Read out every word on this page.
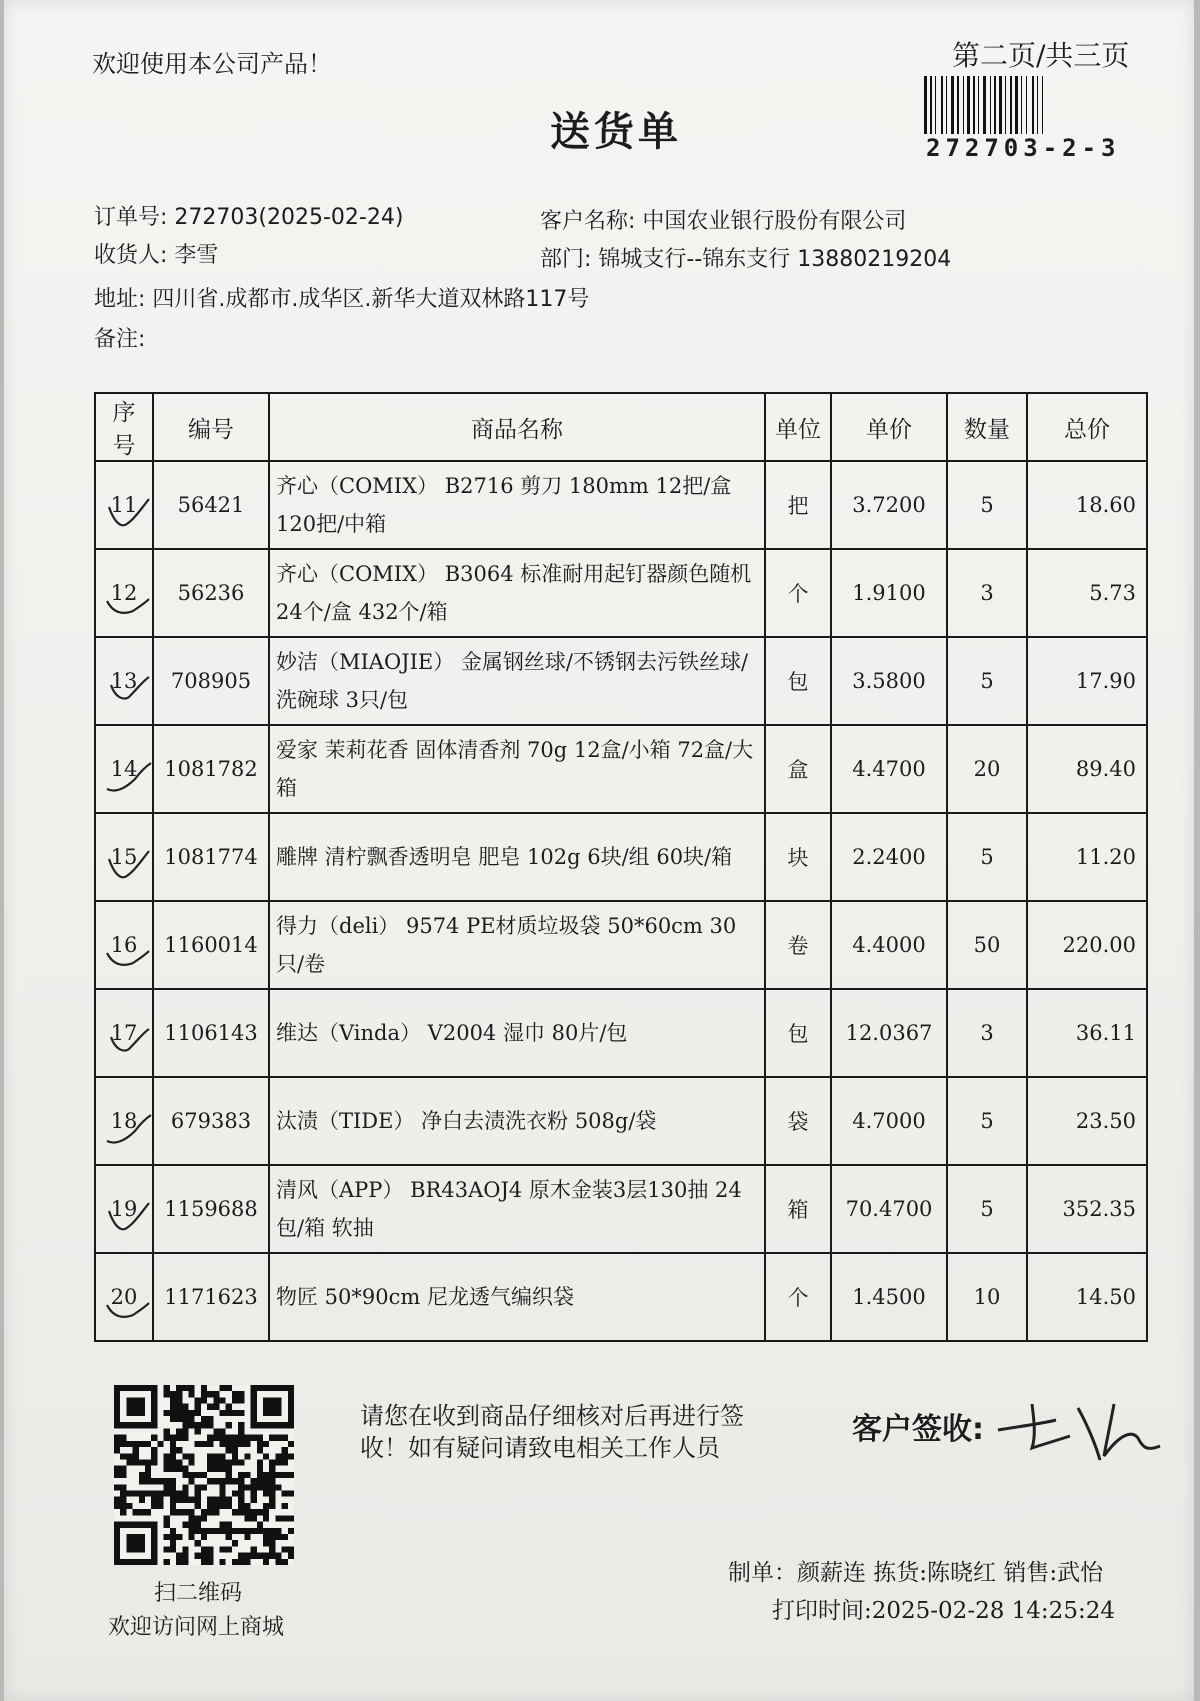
欢迎使用本公司产品！	第二页/共三页
送货单	272703-2-3
订单号: 272703(2025-02-24)	客户名称: 中国农业银行股份有限公司
收货人: 李雪	部门: 锦城支行--锦东支行 13880219204
地址: 四川省.成都市.成华区.新华大道双林路117号
备注:
序号	编号	商品名称	单位	单价	数量	总价
11	56421	齐心（COMIX） B2716 剪刀 180mm 12把/盒 120把/中箱	把	3.7200	5	18.60
12	56236	齐心（COMIX） B3064 标准耐用起钉器颜色随机 24个/盒 432个/箱	个	1.9100	3	5.73
13	708905	妙洁（MIAOJIE） 金属钢丝球/不锈钢去污铁丝球/洗碗球 3只/包	包	3.5800	5	17.90
14	1081782	爱家 茉莉花香 固体清香剂 70g 12盒/小箱 72盒/大箱	盒	4.4700	20	89.40
15	1081774	雕牌 清柠飘香透明皂 肥皂 102g 6块/组 60块/箱	块	2.2400	5	11.20
16	1160014	得力（deli） 9574 PE材质垃圾袋 50*60cm 30只/卷	卷	4.4000	50	220.00
17	1106143	维达（Vinda） V2004 湿巾 80片/包	包	12.0367	3	36.11
18	679383	汰渍（TIDE） 净白去渍洗衣粉 508g/袋	袋	4.7000	5	23.50
19	1159688	清风（APP） BR43AOJ4 原木金装3层130抽 24包/箱 软抽	箱	70.4700	5	352.35
20	1171623	物匠 50*90cm 尼龙透气编织袋	个	1.4500	10	14.50
扫二维码
欢迎访问网上商城
请您在收到商品仔细核对后再进行签收！如有疑问请致电相关工作人员
客户签收:
制单：颜薪连 拣货:陈晓红 销售:武怡
打印时间:2025-02-28 14:25:24
